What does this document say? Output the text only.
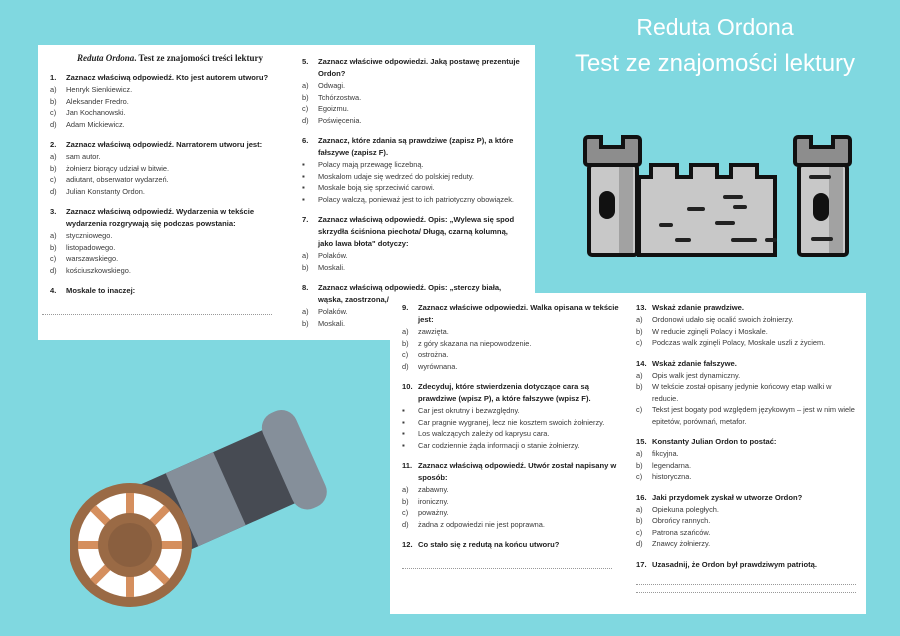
Reduta Ordona
Test ze znajomości lektury
Reduta Ordona. Test ze znajomości treści lektury
1.	Zaznacz właściwą odpowiedź. Kto jest autorem utworu?
a)	Henryk Sienkiewicz.
b)	Aleksander Fredro.
c)	Jan Kochanowski.
d)	Adam Mickiewicz.
2.	Zaznacz właściwą odpowiedź. Narratorem utworu jest:
a)	sam autor.
b)	żołnierz biorący udział w bitwie.
c)	adiutant, obserwator wydarzeń.
d)	Julian Konstanty Ordon.
3.	Zaznacz właściwą odpowiedź. Wydarzenia w tekście wydarzenia rozgrywają się podczas powstania:
a)	styczniowego.
b)	listopadowego.
c)	warszawskiego.
d)	kościuszkowskiego.
4.	Moskale to inaczej:
5.	Zaznacz właściwe odpowiedzi. Jaką postawę prezentuje Ordon?
a)	Odwagi.
b)	Tchórzostwa.
c)	Egoizmu.
d)	Poświęcenia.
6.	Zaznacz, które zdania są prawdziwe (zapisz P), a które fałszywe (zapisz F).
▪	Polacy mają przewagę liczebną.
▪	Moskalom udaje się wedrzeć do polskiej reduty.
▪	Moskale boją się sprzeciwić carowi.
▪	Polacy walczą, ponieważ jest to ich patriotyczny obowiązek.
7.	Zaznacz właściwą odpowiedź. Opis: „Wylewa się spod skrzydła ściśniona piechota/ Długą, czarną kolumną, jako lawa błota" dotyczy:
a)	Polaków.
b)	Moskali.
8.	Zaznacz właściwą odpowiedź. Opis: „sterczy biała, wąska, zaostrzona,/
a)	Polaków.
b)	Moskali.
9.	Zaznacz właściwe odpowiedzi. Walka opisana w tekście jest:
a)	zawzięta.
b)	z góry skazana na niepowodzenie.
c)	ostrożna.
d)	wyrównana.
10. Zdecyduj, które stwierdzenia dotyczące cara są prawdziwe (wpisz P), a które fałszywe (wpisz F).
▪	Car jest okrutny i bezwzględny.
▪	Car pragnie wygranej, lecz nie kosztem swoich żołnierzy.
▪	Los walczących zależy od kaprysu cara.
▪	Car codziennie żąda informacji o stanie żołnierzy.
11. Zaznacz właściwą odpowiedź. Utwór został napisany w sposób:
a)	zabawny.
b)	ironiczny.
c)	poważny.
d)	żadna z odpowiedzi nie jest poprawna.
12. Co stało się z redutą na końcu utworu?
13. Wskaż zdanie prawdziwe.
a)	Ordonowi udało się ocalić swoich żołnierzy.
b)	W reducie zginęli Polacy i Moskale.
c)	Podczas walk zginęli Polacy, Moskale uszli z życiem.
14. Wskaż zdanie fałszywe.
a)	Opis walk jest dynamiczny.
b)	W tekście został opisany jedynie końcowy etap walki w reducie.
c)	Tekst jest bogaty pod względem językowym – jest w nim wiele epitetów, porównań, metafor.
15. Konstanty Julian Ordon to postać:
a)	fikcyjna.
b)	legendarna.
c)	historyczna.
16. Jaki przydomek zyskał w utworze Ordon?
a)	Opiekuna poległych.
b)	Obrońcy rannych.
c)	Patrona szańców.
d)	Znawcy żołnierzy.
17. Uzasadnij, że Ordon był prawdziwym patriotą.
